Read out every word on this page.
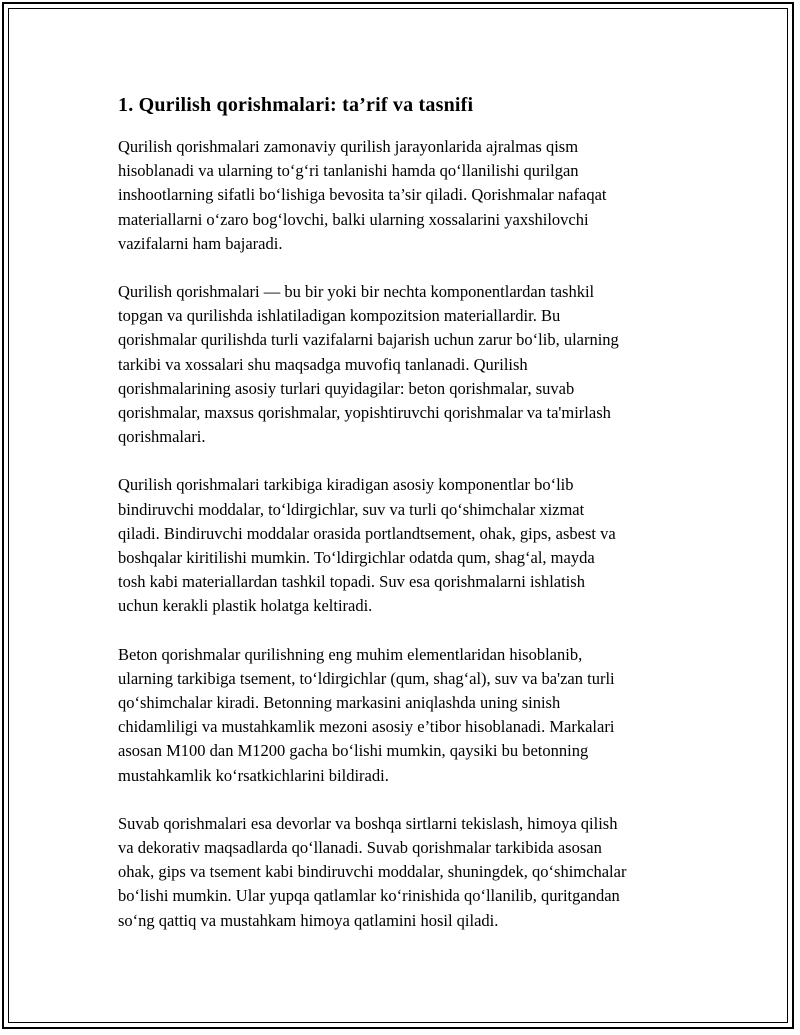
1. Qurilish qorishmalari: ta’rif va tasnifi

Qurilish qorishmalari zamonaviy qurilish jarayonlarida ajralmas qism
hisoblanadi va ularning to‘g‘ri tanlanishi hamda qo‘llanilishi qurilgan
inshootlarning sifatli bo‘lishiga bevosita ta’sir qiladi. Qorishmalar nafaqat
materiallarni o‘zaro bog‘lovchi, balki ularning xossalarini yaxshilovchi
vazifalarni ham bajaradi.

Qurilish qorishmalari — bu bir yoki bir nechta komponentlardan tashkil
topgan va qurilishda ishlatiladigan kompozitsion materiallardir. Bu
qorishmalar qurilishda turli vazifalarni bajarish uchun zarur bo‘lib, ularning
tarkibi va xossalari shu maqsadga muvofiq tanlanadi. Qurilish
qorishmalarining asosiy turlari quyidagilar: beton qorishmalar, suvab
qorishmalar, maxsus qorishmalar, yopishtiruvchi qorishmalar va ta'mirlash
qorishmalari.

Qurilish qorishmalari tarkibiga kiradigan asosiy komponentlar bo‘lib
bindiruvchi moddalar, to‘ldirgichlar, suv va turli qo‘shimchalar xizmat
qiladi. Bindiruvchi moddalar orasida portlandtsement, ohak, gips, asbest va
boshqalar kiritilishi mumkin. To‘ldirgichlar odatda qum, shag‘al, mayda
tosh kabi materiallardan tashkil topadi. Suv esa qorishmalarni ishlatish
uchun kerakli plastik holatga keltiradi.

Beton qorishmalar qurilishning eng muhim elementlaridan hisoblanib,
ularning tarkibiga tsement, to‘ldirgichlar (qum, shag‘al), suv va ba'zan turli
qo‘shimchalar kiradi. Betonning markasini aniqlashda uning sinish
chidamliligi va mustahkamlik mezoni asosiy e’tibor hisoblanadi. Markalari
asosan M100 dan M1200 gacha bo‘lishi mumkin, qaysiki bu betonning
mustahkamlik ko‘rsatkichlarini bildiradi.

Suvab qorishmalari esa devorlar va boshqa sirtlarni tekislash, himoya qilish
va dekorativ maqsadlarda qo‘llanadi. Suvab qorishmalar tarkibida asosan
ohak, gips va tsement kabi bindiruvchi moddalar, shuningdek, qo‘shimchalar
bo‘lishi mumkin. Ular yupqa qatlamlar ko‘rinishida qo‘llanilib, quritgandan
so‘ng qattiq va mustahkam himoya qatlamini hosil qiladi.
